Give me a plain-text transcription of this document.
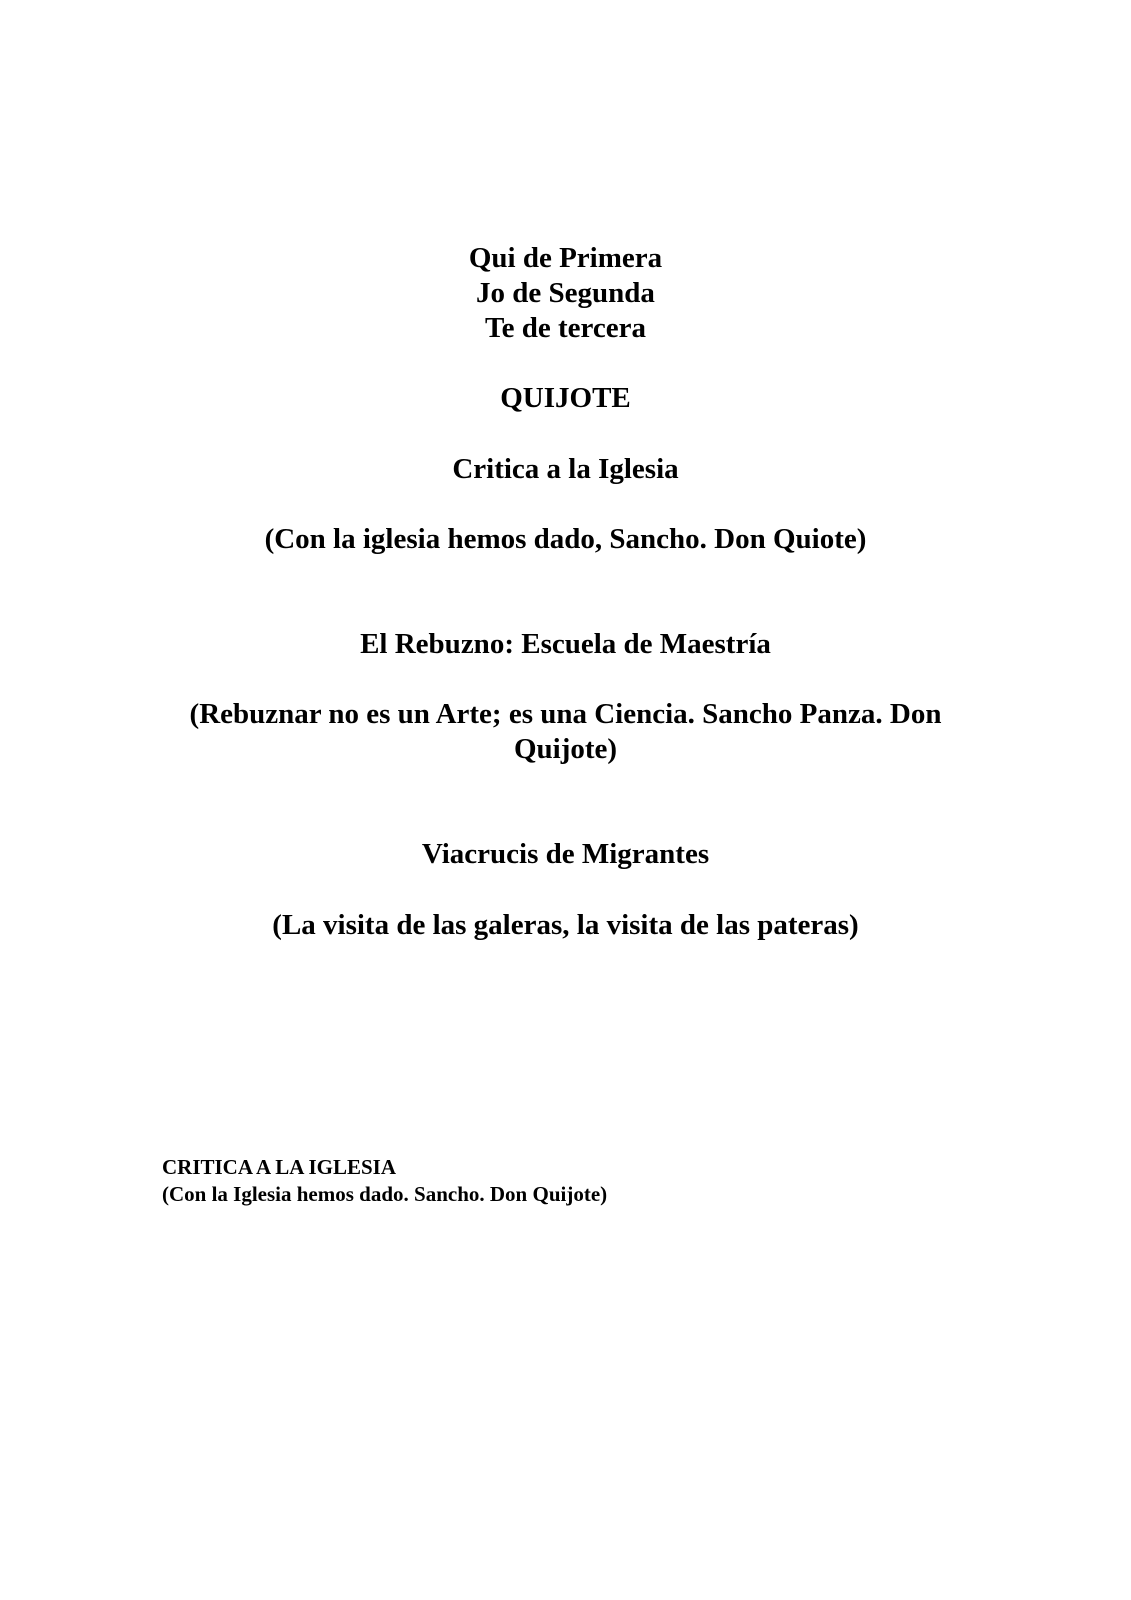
Qui de Primera
Jo de Segunda
Te de tercera
QUIJOTE
Critica a la Iglesia
(Con la iglesia hemos dado, Sancho. Don Quiote)
El Rebuzno: Escuela de Maestría
(Rebuznar no es un Arte; es una Ciencia. Sancho Panza. Don
Quijote)
Viacrucis de Migrantes
(La visita de las galeras, la visita de las pateras)
CRITICA A LA IGLESIA
(Con la Iglesia hemos dado. Sancho. Don Quijote)
